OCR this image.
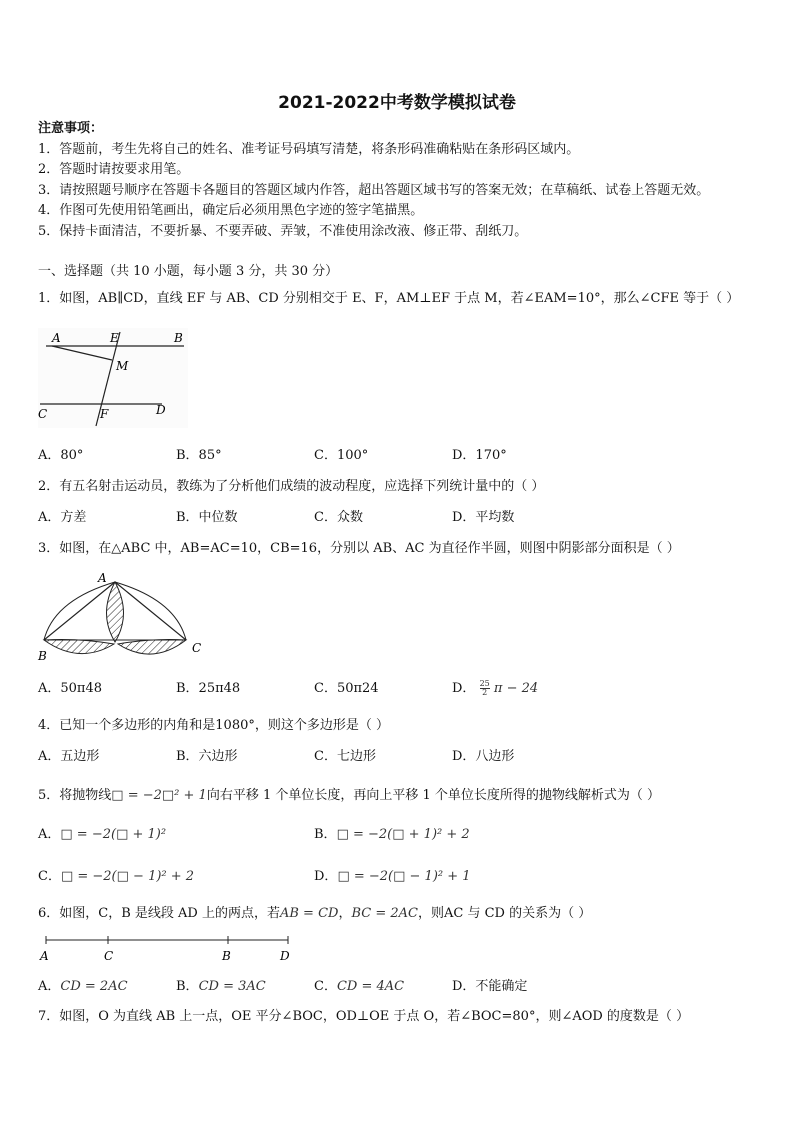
2021-2022中考数学模拟试卷
注意事项：
1．答题前，考生先将自己的姓名、准考证号码填写清楚，将条形码准确粘贴在条形码区域内。
2．答题时请按要求用笔。
3．请按照题号顺序在答题卡各题目的答题区域内作答，超出答题区域书写的答案无效；在草稿纸、试卷上答题无效。
4．作图可先使用铅笔画出，确定后必须用黑色字迹的签字笔描黑。
5．保持卡面清洁，不要折暴、不要弄破、弄皱，不准使用涂改液、修正带、刮纸刀。
一、选择题（共 10 小题，每小题 3 分，共 30 分）
1．如图，AB∥CD，直线 EF 与 AB、CD 分别相交于 E、F，AM⊥EF 于点 M，若∠EAM=10°，那么∠CFE 等于（ ）
A	E	B
M
C	F	D
A．80°	B．85°	C．100°	D．170°
2．有五名射击运动员，教练为了分析他们成绩的波动程度，应选择下列统计量中的（ ）
A．方差	B．中位数	C．众数	D．平均数
3．如图，在△ABC 中，AB=AC=10，CB=16，分别以 AB、AC 为直径作半圆，则图中阴影部分面积是（ ）
A
B
C
A．50π48	B．25π48	C．50π24	D． $\frac{25}{2}$ π − 24
4．已知一个多边形的内角和是1080°，则这个多边形是（ ）
A．五边形	B．六边形	C．七边形	D．八边形
5．将抛物线□ = −2□² + 1向右平移 1 个单位长度，再向上平移 1 个单位长度所得的抛物线解析式为（ ）
A．□ = −2(□ + 1)²	B．□ = −2(□ + 1)² + 2
C．□ = −2(□ − 1)² + 2	D．□ = −2(□ − 1)² + 1
6．如图，C，B 是线段 AD 上的两点，若AB = CD，BC = 2AC，则AC 与 CD 的关系为（ ）
A	C	B	D
A．CD = 2AC	B．CD = 3AC	C．CD = 4AC	D．不能确定
7．如图，O 为直线 AB 上一点，OE 平分∠BOC，OD⊥OE 于点 O，若∠BOC=80°，则∠AOD 的度数是（ ）
